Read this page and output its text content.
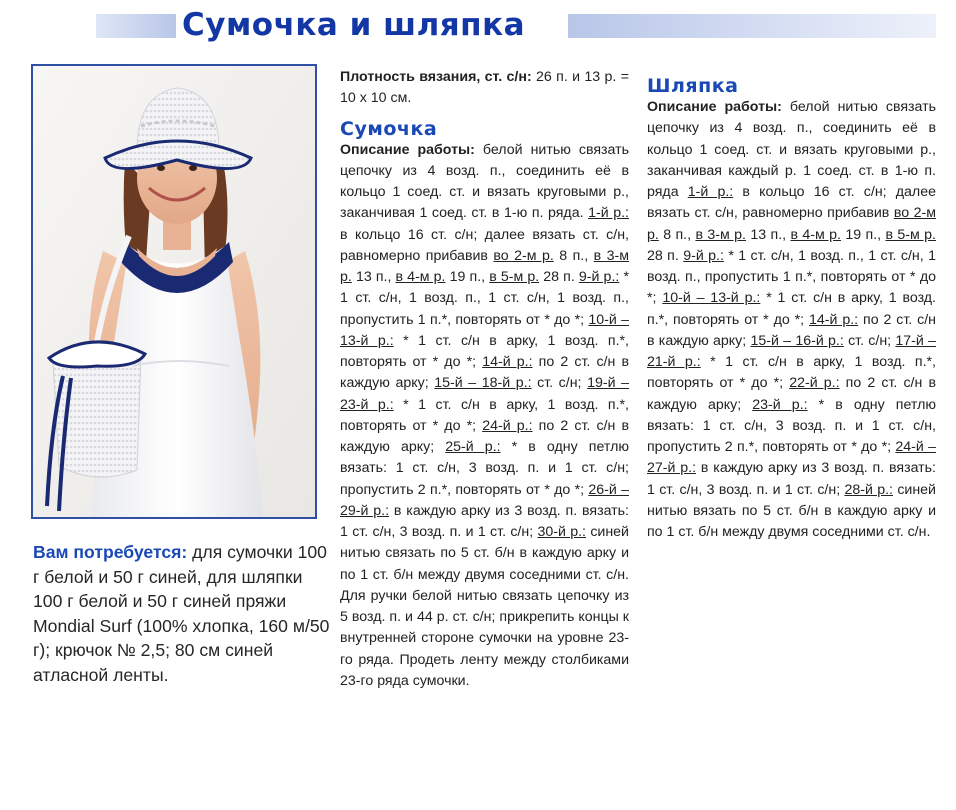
Сумочка и шляпка

Вам потребуется: для сумочки 100 г белой и 50 г синей, для шляпки 100 г белой и 50 г синей пряжи Mondial Surf (100% хлопка, 160 м/50 г); крючок № 2,5; 80 см синей атласной ленты.

Плотность вязания, ст. с/н: 26 п. и 13 р. = 10 х 10 см.

Сумочка

Описание работы: белой нитью связать цепочку из 4 возд. п., соединить её в кольцо 1 соед. ст. и вязать круговыми р., заканчивая 1 соед. ст. в 1-ю п. ряда. 1-й р.: в кольцо 16 ст. с/н; далее вязать ст. с/н, равномерно прибавив во 2-м р. 8 п., в 3-м р. 13 п., в 4-м р. 19 п., в 5-м р. 28 п. 9-й р.: * 1 ст. с/н, 1 возд. п., 1 ст. с/н, 1 возд. п., пропустить 1 п.*, повторять от * до *; 10-й – 13-й р.: * 1 ст. с/н в арку, 1 возд. п.*, повторять от * до *; 14-й р.: по 2 ст. с/н в каждую арку; 15-й – 18-й р.: ст. с/н; 19-й – 23-й р.: * 1 ст. с/н в арку, 1 возд. п.*, повторять от * до *; 24-й р.: по 2 ст. с/н в каждую арку; 25-й р.: * в одну петлю вязать: 1 ст. с/н, 3 возд. п. и 1 ст. с/н; пропустить 2 п.*, повторять от * до *; 26-й – 29-й р.: в каждую арку из 3 возд. п. вязать: 1 ст. с/н, 3 возд. п. и 1 ст. с/н; 30-й р.: синей нитью связать по 5 ст. б/н в каждую арку и по 1 ст. б/н между двумя соседними ст. с/н. Для ручки белой нитью связать цепочку из 5 возд. п. и 44 р. ст. с/н; прикрепить концы к внутренней стороне сумочки на уровне 23-го ряда. Продеть ленту между столбиками 23-го ряда сумочки.

Шляпка

Описание работы: белой нитью связать цепочку из 4 возд. п., соединить её в кольцо 1 соед. ст. и вязать круговыми р., заканчивая каждый р. 1 соед. ст. в 1-ю п. ряда 1-й р.: в кольцо 16 ст. с/н; далее вязать ст. с/н, равномерно прибавив во 2-м р. 8 п., в 3-м р. 13 п., в 4-м р. 19 п., в 5-м р. 28 п. 9-й р.: * 1 ст. с/н, 1 возд. п., 1 ст. с/н, 1 возд. п., пропустить 1 п.*, повторять от * до *; 10-й – 13-й р.: * 1 ст. с/н в арку, 1 возд. п.*, повторять от * до *; 14-й р.: по 2 ст. с/н в каждую арку; 15-й – 16-й р.: ст. с/н; 17-й – 21-й р.: * 1 ст. с/н в арку, 1 возд. п.*, повторять от * до *; 22-й р.: по 2 ст. с/н в каждую арку; 23-й р.: * в одну петлю вязать: 1 ст. с/н, 3 возд. п. и 1 ст. с/н, пропустить 2 п.*, повторять от * до *; 24-й – 27-й р.: в каждую арку из 3 возд. п. вязать: 1 ст. с/н, 3 возд. п. и 1 ст. с/н; 28-й р.: синей нитью вязать по 5 ст. б/н в каждую арку и по 1 ст. б/н между двумя соседними ст. с/н.
